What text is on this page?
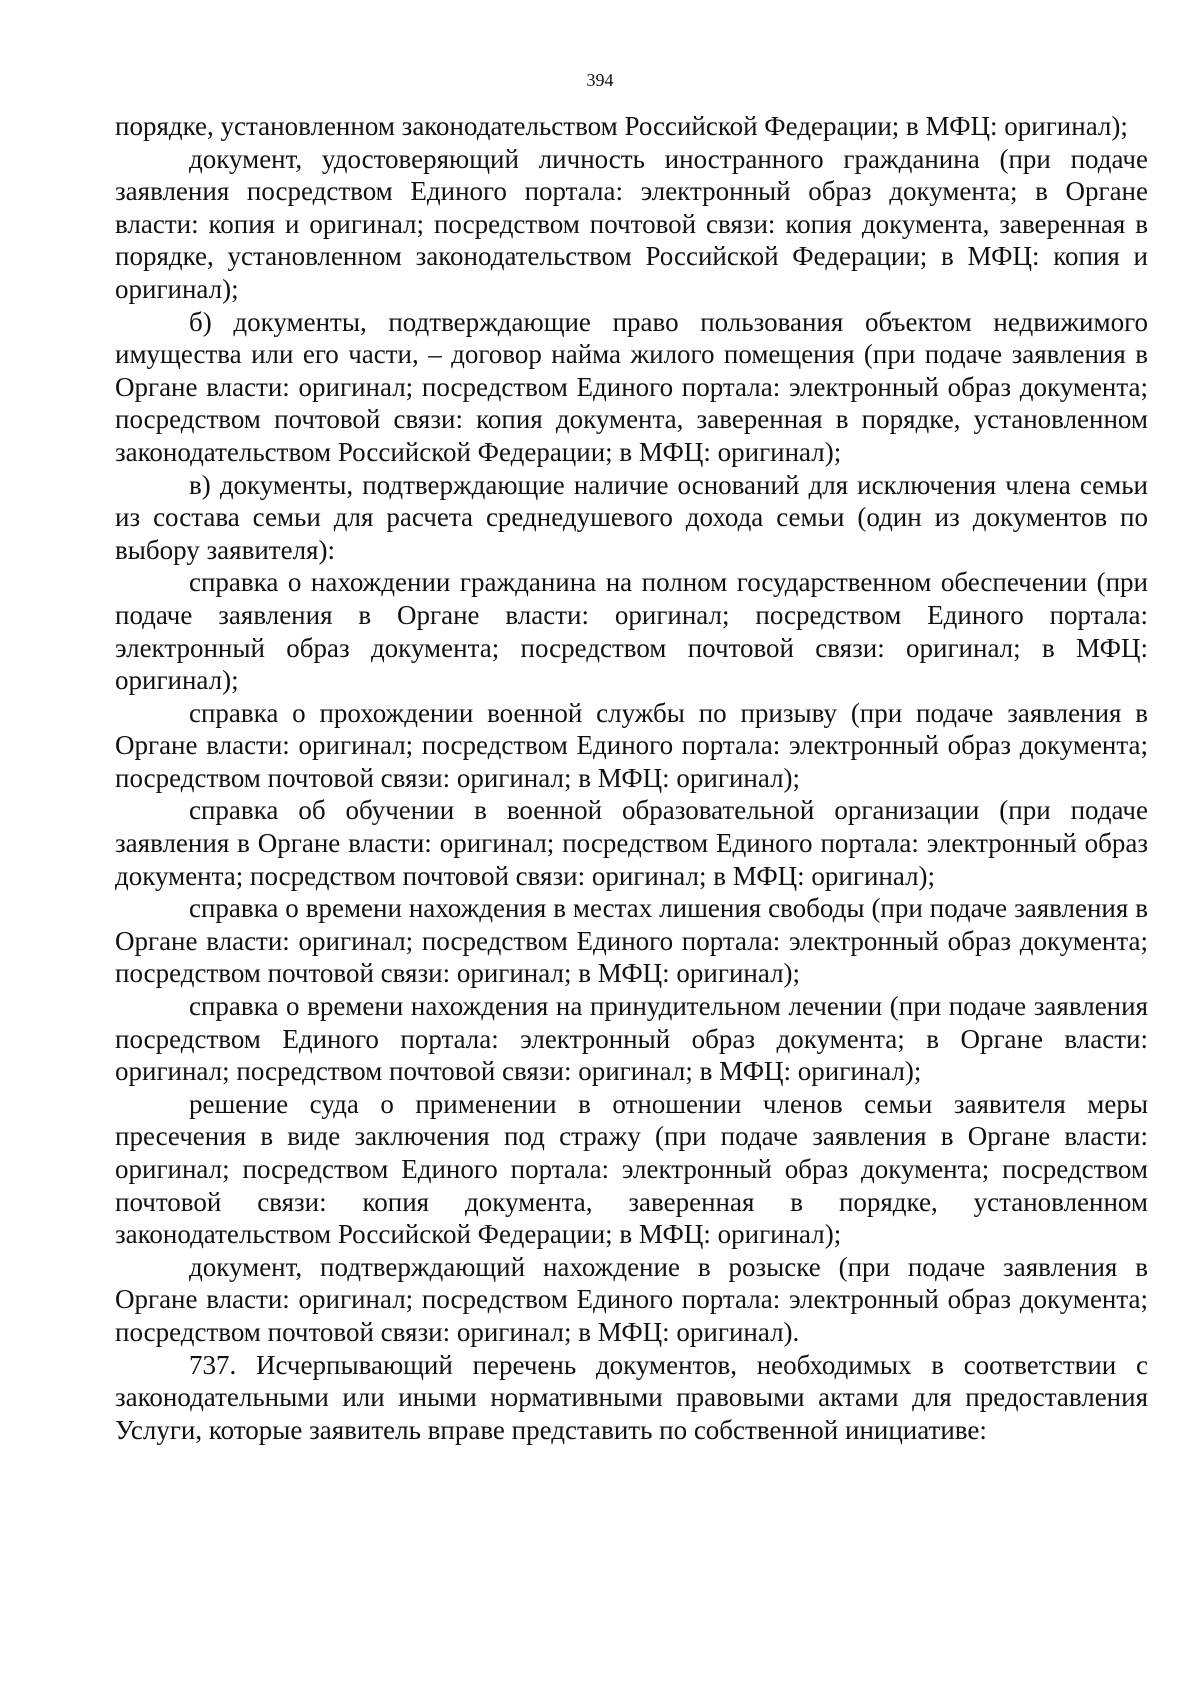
394

порядке, установленном законодательством Российской Федерации; в МФЦ: оригинал);

документ, удостоверяющий личность иностранного гражданина (при подаче заявления посредством Единого портала: электронный образ документа; в Органе власти: копия и оригинал; посредством почтовой связи: копия документа, заверенная в порядке, установленном законодательством Российской Федерации; в МФЦ: копия и оригинал);

б) документы, подтверждающие право пользования объектом недвижимого имущества или его части, – договор найма жилого помещения (при подаче заявления в Органе власти: оригинал; посредством Единого портала: электронный образ документа; посредством почтовой связи: копия документа, заверенная в порядке, установленном законодательством Российской Федерации; в МФЦ: оригинал);

в) документы, подтверждающие наличие оснований для исключения члена семьи из состава семьи для расчета среднедушевого дохода семьи (один из документов по выбору заявителя):

справка о нахождении гражданина на полном государственном обеспечении (при подаче заявления в Органе власти: оригинал; посредством Единого портала: электронный образ документа; посредством почтовой связи: оригинал; в МФЦ: оригинал);

справка о прохождении военной службы по призыву (при подаче заявления в Органе власти: оригинал; посредством Единого портала: электронный образ документа; посредством почтовой связи: оригинал; в МФЦ: оригинал);

справка об обучении в военной образовательной организации (при подаче заявления в Органе власти: оригинал; посредством Единого портала: электронный образ документа; посредством почтовой связи: оригинал; в МФЦ: оригинал);

справка о времени нахождения в местах лишения свободы (при подаче заявления в Органе власти: оригинал; посредством Единого портала: электронный образ документа; посредством почтовой связи: оригинал; в МФЦ: оригинал);

справка о времени нахождения на принудительном лечении (при подаче заявления посредством Единого портала: электронный образ документа; в Органе власти: оригинал; посредством почтовой связи: оригинал; в МФЦ: оригинал);

решение суда о применении в отношении членов семьи заявителя меры пресечения в виде заключения под стражу (при подаче заявления в Органе власти: оригинал; посредством Единого портала: электронный образ документа; посредством почтовой связи: копия документа, заверенная в порядке, установленном законодательством Российской Федерации; в МФЦ: оригинал);

документ, подтверждающий нахождение в розыске (при подаче заявления в Органе власти: оригинал; посредством Единого портала: электронный образ документа; посредством почтовой связи: оригинал; в МФЦ: оригинал).

737. Исчерпывающий перечень документов, необходимых в соответствии с законодательными или иными нормативными правовыми актами для предоставления Услуги, которые заявитель вправе представить по собственной инициативе:
